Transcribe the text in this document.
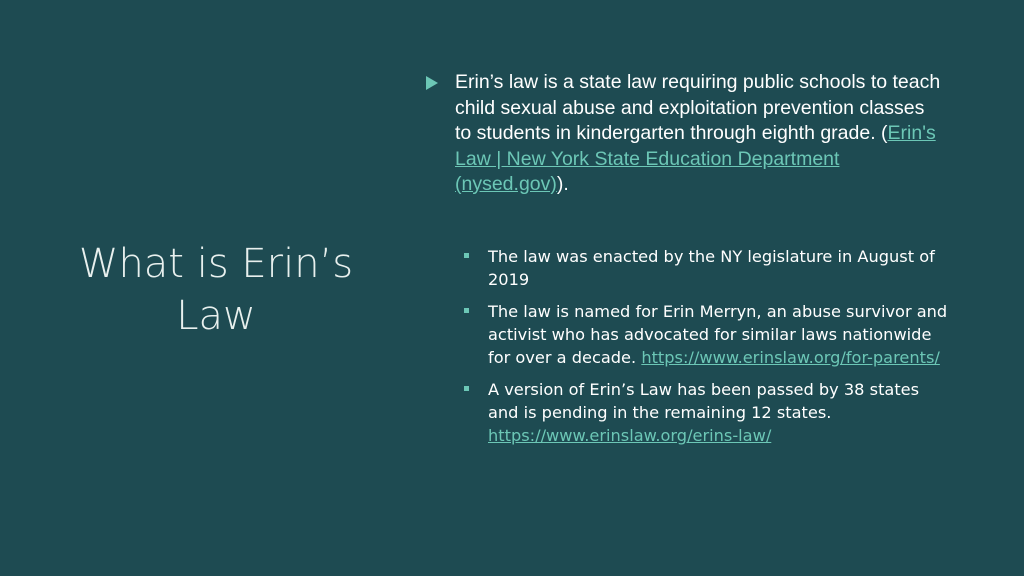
What is Erin’s Law
Erin’s law is a state law requiring public schools to teach child sexual abuse and exploitation prevention classes to students in kindergarten through eighth grade. (Erin's Law | New York State Education Department (nysed.gov)).
The law was enacted by the NY legislature in August of 2019
The law is named for Erin Merryn, an abuse survivor and activist who has advocated for similar laws nationwide for over a decade. https://www.erinslaw.org/for-parents/
A version of Erin’s Law has been passed by 38 states and is pending in the remaining 12 states. https://www.erinslaw.org/erins-law/
